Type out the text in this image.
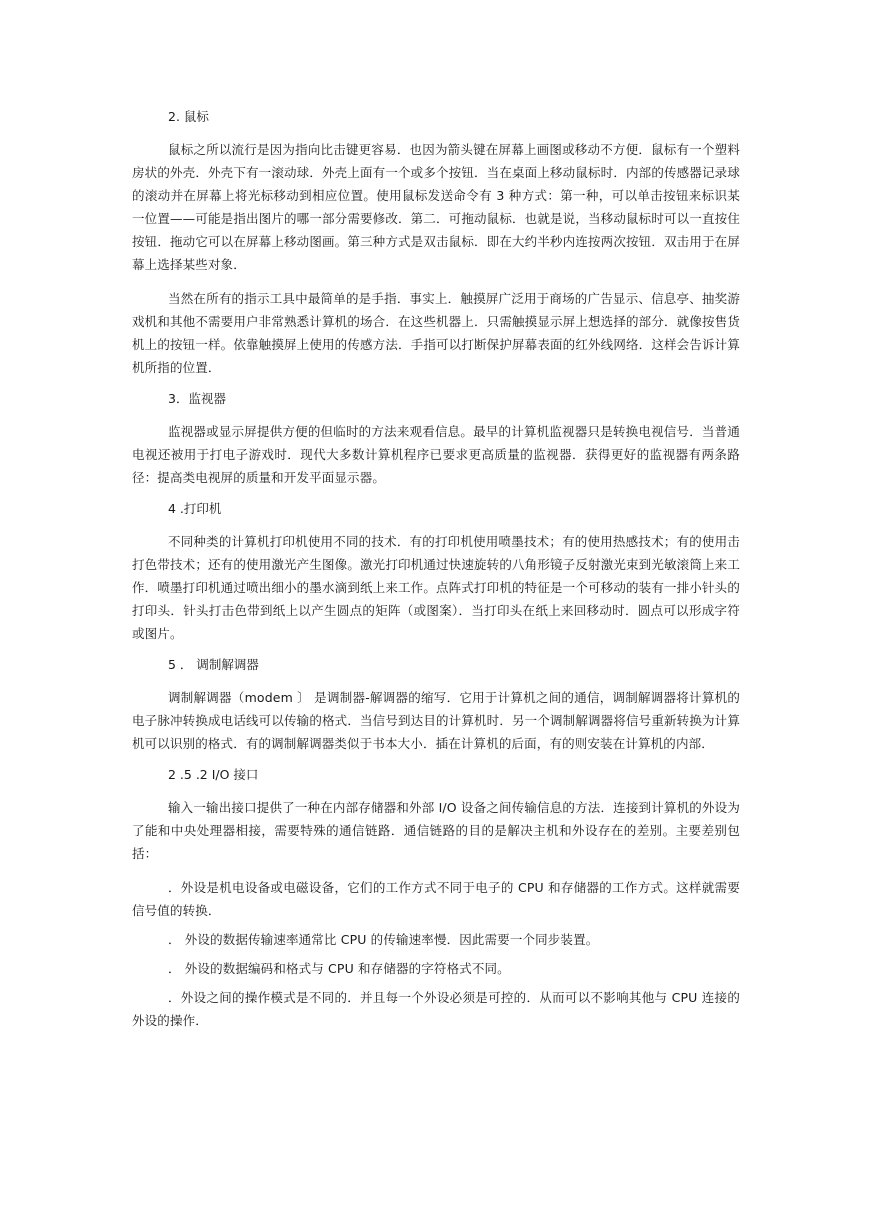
2. 鼠标

鼠标之所以流行是因为指向比击键更容易．也因为箭头键在屏幕上画图或移动不方便．鼠标有一个塑料房状的外壳．外壳下有一滚动球．外壳上面有一个或多个按钮．当在桌面上移动鼠标时．内部的传感器记录球的滚动并在屏幕上将光标移动到相应位置。使用鼠标发送命令有 3 种方式：第一种，可以单击按钮来标识某一位置——可能是指出图片的哪一部分需要修改．第二．可拖动鼠标．也就是说，当移动鼠标时可以一直按住按钮．拖动它可以在屏幕上移动图画。第三种方式是双击鼠标．即在大约半秒内连按两次按钮．双击用于在屏幕上选择某些对象．

当然在所有的指示工具中最简单的是手指．事实上．触摸屏广泛用于商场的广告显示、信息亭、抽奖游戏机和其他不需要用户非常熟悉计算机的场合．在这些机器上．只需触摸显示屏上想选择的部分．就像按售货机上的按钮一样。依靠触摸屏上使用的传感方法．手指可以打断保护屏幕表面的红外线网络．这样会告诉计算机所指的位置．

3．监视器

监视器或显示屏提供方便的但临时的方法来观看信息。最早的计算机监视器只是转换电视信号．当普通电视还被用于打电子游戏时．现代大多数计算机程序已要求更高质量的监视器．获得更好的监视器有两条路径：提高类电视屏的质量和开发平面显示器。

4 .打印机

不同种类的计算机打印机使用不同的技术．有的打印机使用喷墨技术；有的使用热感技术；有的使用击打色带技术；还有的使用激光产生图像。激光打印机通过快速旋转的八角形镜子反射激光束到光敏滚筒上来工作．喷墨打印机通过喷出细小的墨水滴到纸上来工作。点阵式打印机的特征是一个可移动的装有一排小针头的打印头．针头打击色带到纸上以产生圆点的矩阵（或图案）．当打印头在纸上来回移动时．圆点可以形成字符或图片。

5 ． 调制解调器

调制解调器（modem 〕 是调制器-解调器的缩写．它用于计算机之间的通信，调制解调器将计算机的电子脉冲转换成电话线可以传输的格式．当信号到达目的计算机时．另一个调制解调器将信号重新转换为计算机可以识别的格式．有的调制解调器类似于书本大小．插在计算机的后面，有的则安装在计算机的内部．

2 .5 .2 I/O 接口

输入一输出接口提供了一种在内部存储器和外部 I/O 设备之间传输信息的方法．连接到计算机的外设为了能和中央处理器相接，需要特殊的通信链路．通信链路的目的是解决主机和外设存在的差别。主要差别包括：

．外设是机电设备或电磁设备，它们的工作方式不同于电子的 CPU 和存储器的工作方式。这样就需要信号值的转换．

． 外设的数据传输速率通常比 CPU 的传输速率慢．因此需要一个同步装置。

． 外设的数据编码和格式与 CPU 和存储器的字符格式不同。

．外设之间的操作模式是不同的．并且每一个外设必须是可控的．从而可以不影响其他与 CPU 连接的外设的操作．
